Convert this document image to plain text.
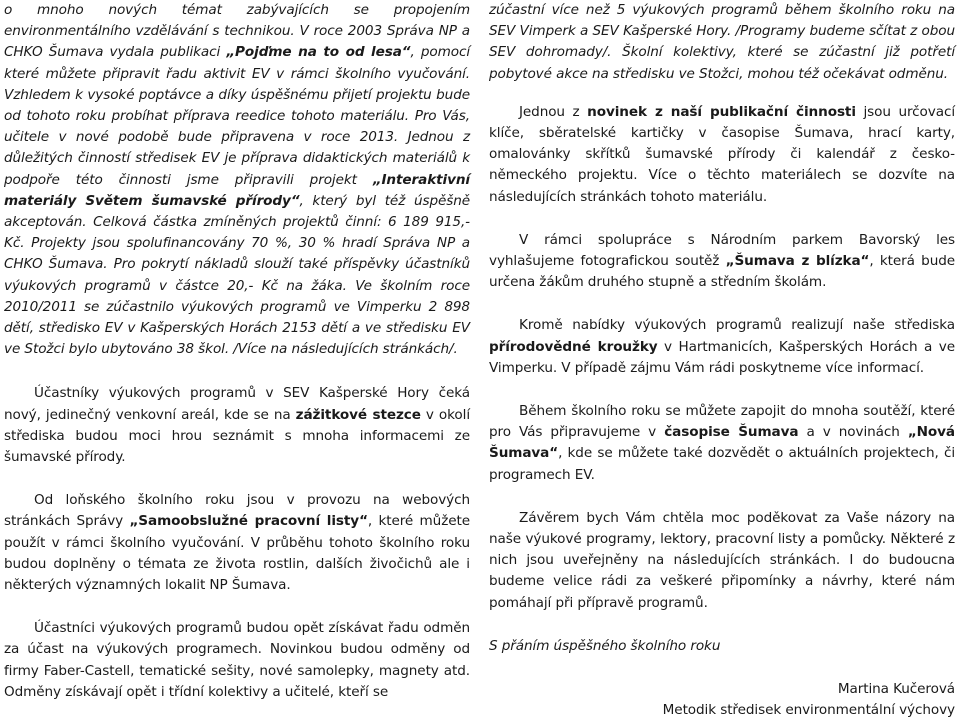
o mnoho nových témat zabývajících se propojením environmentálního vzdělávání s technikou. V roce 2003 Správa NP a CHKO Šumava vydala publikaci „Pojďme na to od lesa“, pomocí které můžete připravit řadu aktivit EV v rámci školního vyučování. Vzhledem k vysoké poptávce a díky úspěšnému přijetí projektu bude od tohoto roku probíhat příprava reedice tohoto materiálu. Pro Vás, učitele v nové podobě bude připravena v roce 2013. Jednou z důležitých činností středisek EV je příprava didaktických materiálů k podpoře této činnosti jsme připravili projekt „Interaktivní materiály Světem šumavské přírody“, který byl též úspěšně akceptován. Celková částka zmíněných projektů činní: 6 189 915,- Kč. Projekty jsou spolufinancovány 70 %, 30 % hradí Správa NP a CHKO Šumava. Pro pokrytí nákladů slouží také příspěvky účastníků výukových programů v částce 20,- Kč na žáka. Ve školním roce 2010/2011 se zúčastnilo výukových programů ve Vimperku 2 898 dětí, středisko EV v Kašperských Horách 2153 dětí a ve středisku EV ve Stožci bylo ubytováno 38 škol. /Více na následujících stránkách/.

Účastníky výukových programů v SEV Kašperské Hory čeká nový, jedinečný venkovní areál, kde se na zážitkové stezce v okolí střediska budou moci hrou seznámit s mnoha informacemi ze šumavské přírody.

Od loňského školního roku jsou v provozu na webových stránkách Správy „Samoobslužné pracovní listy“, které můžete použít v rámci školního vyučování. V průběhu tohoto školního roku budou doplněny o témata ze života rostlin, dalších živočichů ale i některých významných lokalit NP Šumava.

Účastníci výukových programů budou opět získávat řadu odměn za účast na výukových programech. Novinkou budou odměny od firmy Faber-Castell, tematické sešity, nové samolepky, magnety atd. Odměny získávají opět i třídní kolektivy a učitelé, kteří se

zúčastní více než 5 výukových programů během školního roku na SEV Vimperk a SEV Kašperské Hory. /Programy budeme sčítat z obou SEV dohromady/. Školní kolektivy, které se zúčastní již potřetí pobytové akce na středisku ve Stožci, mohou též očekávat odměnu.

Jednou z novinek z naší publikační činnosti jsou určovací klíče, sběratelské kartičky v časopise Šumava, hrací karty, omalovánky skřítků šumavské přírody či kalendář z česko-německého projektu. Více o těchto materiálech se dozvíte na následujících stránkách tohoto materiálu.

V rámci spolupráce s Národním parkem Bavorský les vyhlašujeme fotografickou soutěž „Šumava z blízka“, která bude určena žákům druhého stupně a středním školám.

Kromě nabídky výukových programů realizují naše střediska přírodovědné kroužky v Hartmanicích, Kašperských Horách a ve Vimperku. V případě zájmu Vám rádi poskytneme více informací.

Během školního roku se můžete zapojit do mnoha soutěží, které pro Vás připravujeme v časopise Šumava a v novinách „Nová Šumava“, kde se můžete také dozvědět o aktuálních projektech, či programech EV.

Závěrem bych Vám chtěla moc poděkovat za Vaše názory na naše výukové programy, lektory, pracovní listy a pomůcky. Některé z nich jsou uveřejněny na následujících stránkách. I do budoucna budeme velice rádi za veškeré připomínky a návrhy, které nám pomáhají při přípravě programů.

S přáním úspěšného školního roku

Martina Kučerová

Metodik středisek environmentální výchovy
